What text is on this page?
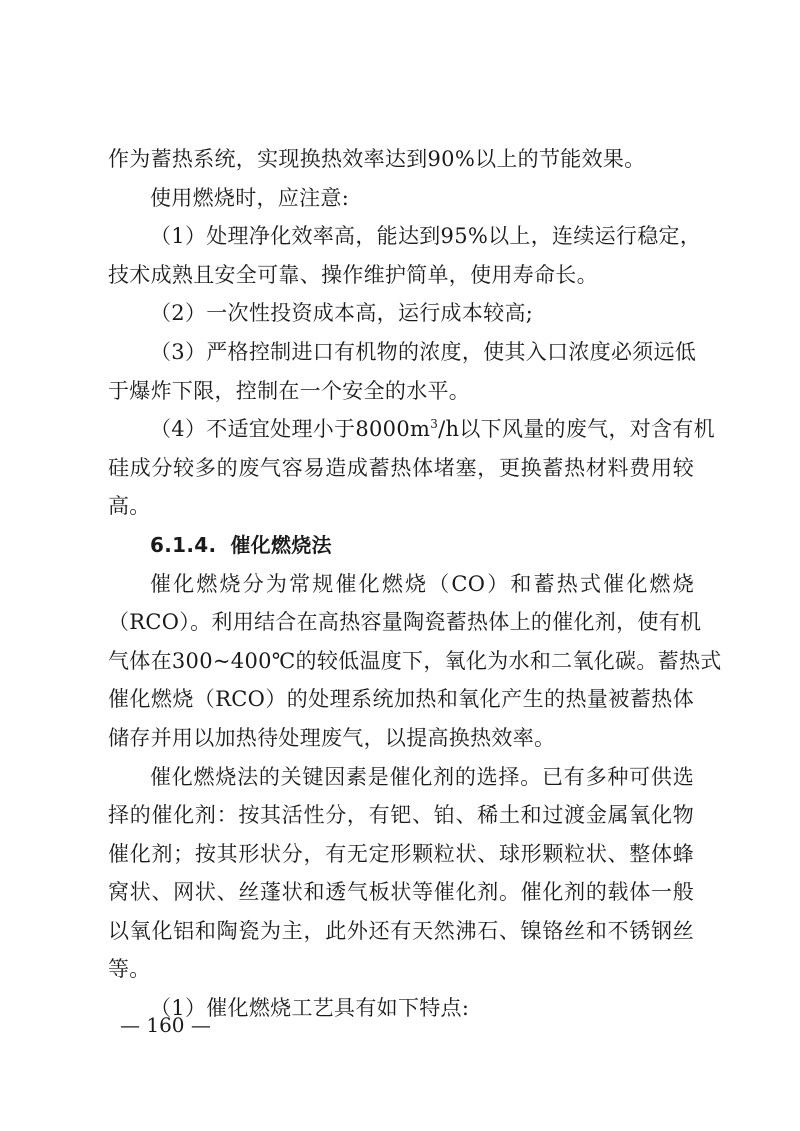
作为蓄热系统，实现换热效率达到90%以上的节能效果。
使用燃烧时，应注意:
（1）处理净化效率高，能达到95%以上，连续运行稳定，
技术成熟且安全可靠、操作维护简单，使用寿命长。
（2）一次性投资成本高，运行成本较高;
（3）严格控制进口有机物的浓度，使其入口浓度必须远低
于爆炸下限，控制在一个安全的水平。
（4）不适宜处理小于$8000m^3/h$以下风量的废气，对含有机
硅成分较多的废气容易造成蓄热体堵塞，更换蓄热材料费用较
高。
6.1.4. 催化燃烧法
催化燃烧分为常规催化燃烧（CO）和蓄热式催化燃烧
（RCO）。利用结合在高热容量陶瓷蓄热体上的催化剂，使有机
气体在300~400℃的较低温度下，氧化为水和二氧化碳。蓄热式
催化燃烧（RCO）的处理系统加热和氧化产生的热量被蓄热体
储存并用以加热待处理废气，以提高换热效率。
催化燃烧法的关键因素是催化剂的选择。已有多种可供选
择的催化剂：按其活性分，有钯、铂、稀土和过渡金属氧化物
催化剂；按其形状分，有无定形颗粒状、球形颗粒状、整体蜂
窝状、网状、丝蓬状和透气板状等催化剂。催化剂的载体一般
以氧化铝和陶瓷为主，此外还有天然沸石、镍铬丝和不锈钢丝
等。
（1）催化燃烧工艺具有如下特点:
— 160 —
